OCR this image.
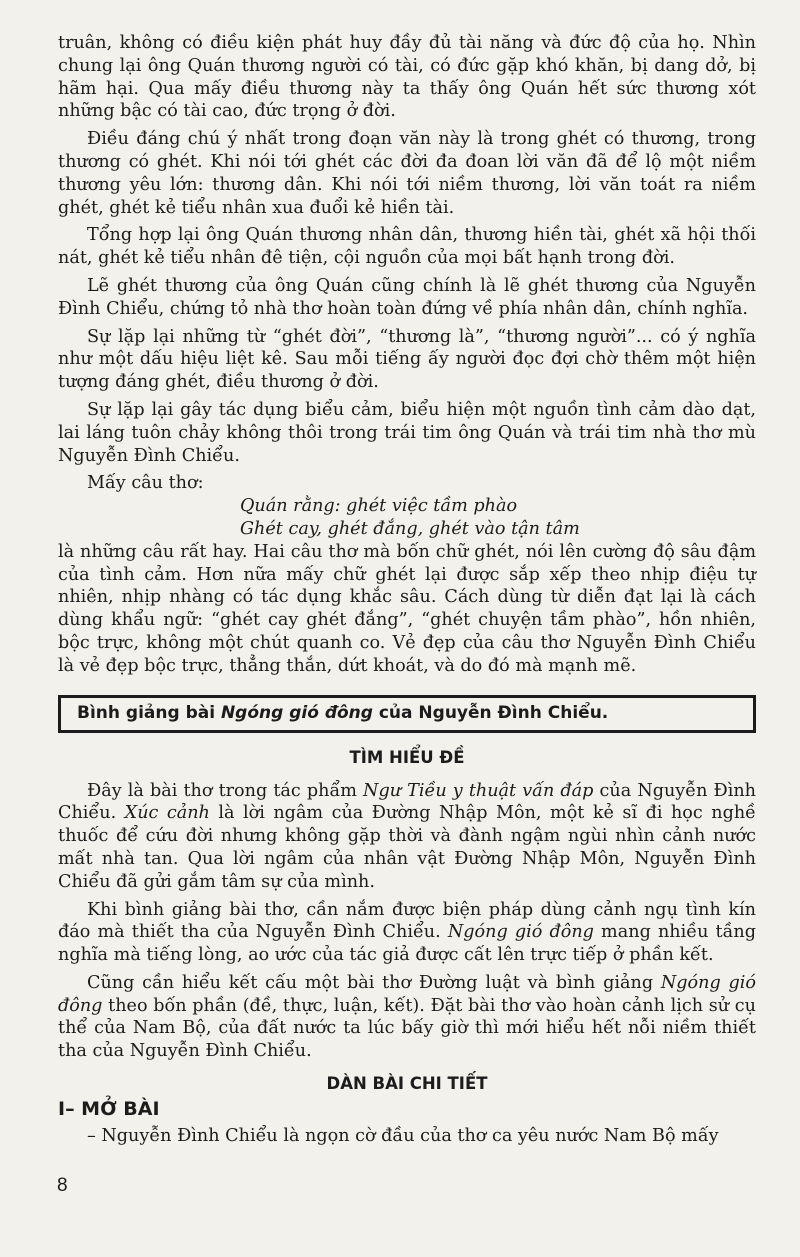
truân, không có điều kiện phát huy đầy đủ tài năng và đức độ của họ. Nhìn chung lại ông Quán thương người có tài, có đức gặp khó khăn, bị dang dở, bị hãm hại. Qua mấy điều thương này ta thấy ông Quán hết sức thương xót những bậc có tài cao, đức trọng ở đời.

Điều đáng chú ý nhất trong đoạn văn này là trong ghét có thương, trong thương có ghét. Khi nói tới ghét các đời đa đoan lời văn đã để lộ một niềm thương yêu lớn: thương dân. Khi nói tới niềm thương, lời văn toát ra niềm ghét, ghét kẻ tiểu nhân xua đuổi kẻ hiền tài.

Tổng hợp lại ông Quán thương nhân dân, thương hiền tài, ghét xã hội thối nát, ghét kẻ tiểu nhân đê tiện, cội nguồn của mọi bất hạnh trong đời.

Lẽ ghét thương của ông Quán cũng chính là lẽ ghét thương của Nguyễn Đình Chiểu, chứng tỏ nhà thơ hoàn toàn đứng về phía nhân dân, chính nghĩa.

Sự lặp lại những từ “ghét đời”, “thương là”, “thương người”... có ý nghĩa như một dấu hiệu liệt kê. Sau mỗi tiếng ấy người đọc đợi chờ thêm một hiện tượng đáng ghét, điều thương ở đời.

Sự lặp lại gây tác dụng biểu cảm, biểu hiện một nguồn tình cảm dào dạt, lai láng tuôn chảy không thôi trong trái tim ông Quán và trái tim nhà thơ mù Nguyễn Đình Chiểu.

Mấy câu thơ:

Quán rằng: ghét việc tầm phào
Ghét cay, ghét đắng, ghét vào tận tâm

là những câu rất hay. Hai câu thơ mà bốn chữ ghét, nói lên cường độ sâu đậm của tình cảm. Hơn nữa mấy chữ ghét lại được sắp xếp theo nhịp điệu tự nhiên, nhịp nhàng có tác dụng khắc sâu. Cách dùng từ diễn đạt lại là cách dùng khẩu ngữ: “ghét cay ghét đắng”, “ghét chuyện tầm phào”, hồn nhiên, bộc trực, không một chút quanh co. Vẻ đẹp của câu thơ Nguyễn Đình Chiểu là vẻ đẹp bộc trực, thẳng thắn, dứt khoát, và do đó mà mạnh mẽ.

Bình giảng bài Ngóng gió đông của Nguyễn Đình Chiểu.
TÌM HIỂU ĐỀ

Đây là bài thơ trong tác phẩm Ngư Tiều y thuật vấn đáp của Nguyễn Đình Chiểu. Xúc cảnh là lời ngâm của Đường Nhập Môn, một kẻ sĩ đi học nghề thuốc để cứu đời nhưng không gặp thời và đành ngậm ngùi nhìn cảnh nước mất nhà tan. Qua lời ngâm của nhân vật Đường Nhập Môn, Nguyễn Đình Chiểu đã gửi gắm tâm sự của mình.

Khi bình giảng bài thơ, cần nắm được biện pháp dùng cảnh ngụ tình kín đáo mà thiết tha của Nguyễn Đình Chiểu. Ngóng gió đông mang nhiều tầng nghĩa mà tiếng lòng, ao ước của tác giả được cất lên trực tiếp ở phần kết.

Cũng cần hiểu kết cấu một bài thơ Đường luật và bình giảng Ngóng gió đông theo bốn phần (đề, thực, luận, kết). Đặt bài thơ vào hoàn cảnh lịch sử cụ thể của Nam Bộ, của đất nước ta lúc bấy giờ thì mới hiểu hết nỗi niềm thiết tha của Nguyễn Đình Chiểu.

DÀN BÀI CHI TIẾT
I– MỞ BÀI

– Nguyễn Đình Chiểu là ngọn cờ đầu của thơ ca yêu nước Nam Bộ mấy

8
